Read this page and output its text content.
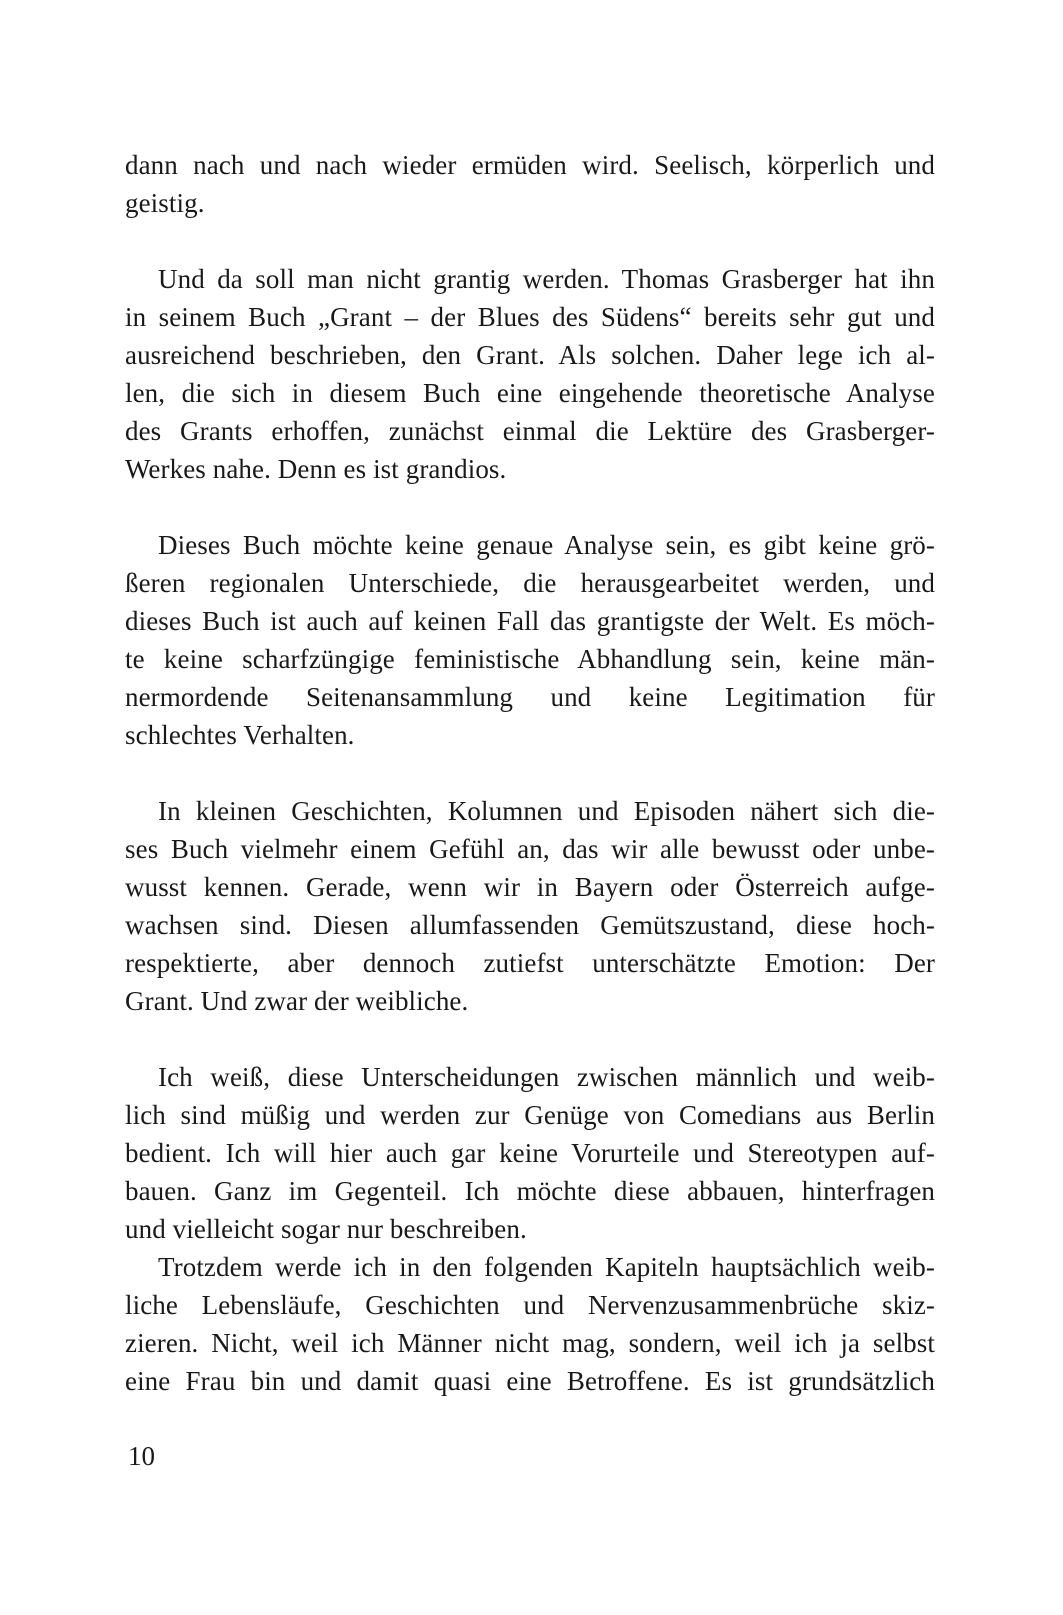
dann nach und nach wieder ermüden wird. Seelisch, körperlich und
geistig.

Und da soll man nicht grantig werden. Thomas Grasberger hat ihn
in seinem Buch „Grant – der Blues des Südens“ bereits sehr gut und
ausreichend beschrieben, den Grant. Als solchen. Daher lege ich al-
len, die sich in diesem Buch eine eingehende theoretische Analyse
des Grants erhoffen, zunächst einmal die Lektüre des Grasberger-
Werkes nahe. Denn es ist grandios.

Dieses Buch möchte keine genaue Analyse sein, es gibt keine grö-
ßeren regionalen Unterschiede, die herausgearbeitet werden, und
dieses Buch ist auch auf keinen Fall das grantigste der Welt. Es möch-
te keine scharfzüngige feministische Abhandlung sein, keine män-
nermordende Seitenansammlung und keine Legitimation für
schlechtes Verhalten.

In kleinen Geschichten, Kolumnen und Episoden nähert sich die-
ses Buch vielmehr einem Gefühl an, das wir alle bewusst oder unbe-
wusst kennen. Gerade, wenn wir in Bayern oder Österreich aufge-
wachsen sind. Diesen allumfassenden Gemütszustand, diese hoch-
respektierte, aber dennoch zutiefst unterschätzte Emotion: Der
Grant. Und zwar der weibliche.

Ich weiß, diese Unterscheidungen zwischen männlich und weib-
lich sind müßig und werden zur Genüge von Comedians aus Berlin
bedient. Ich will hier auch gar keine Vorurteile und Stereotypen auf-
bauen. Ganz im Gegenteil. Ich möchte diese abbauen, hinterfragen
und vielleicht sogar nur beschreiben.

Trotzdem werde ich in den folgenden Kapiteln hauptsächlich weib-
liche Lebensläufe, Geschichten und Nervenzusammenbrüche skiz-
zieren. Nicht, weil ich Männer nicht mag, sondern, weil ich ja selbst
eine Frau bin und damit quasi eine Betroffene. Es ist grundsätzlich

10
